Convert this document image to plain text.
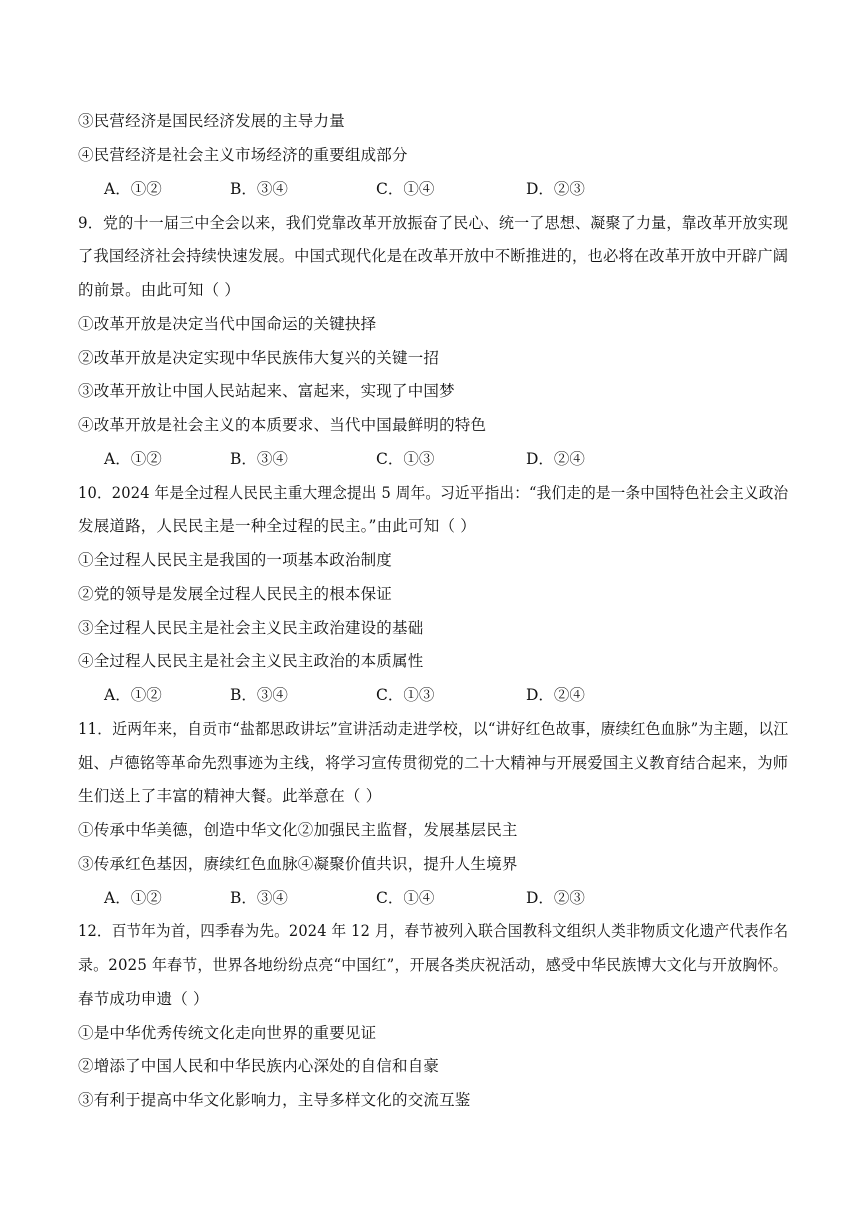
③民营经济是国民经济发展的主导力量
④民营经济是社会主义市场经济的重要组成部分
A．①②	B．③④	C．①④	D．②③
9．党的十一届三中全会以来，我们党靠改革开放振奋了民心、统一了思想、凝聚了力量，靠改革开放实现
了我国经济社会持续快速发展。中国式现代化是在改革开放中不断推进的，也必将在改革开放中开辟广阔
的前景。由此可知（ ）
①改革开放是决定当代中国命运的关键抉择
②改革开放是决定实现中华民族伟大复兴的关键一招
③改革开放让中国人民站起来、富起来，实现了中国梦
④改革开放是社会主义的本质要求、当代中国最鲜明的特色
A．①②	B．③④	C．①③	D．②④
10．2024 年是全过程人民民主重大理念提出 5 周年。习近平指出：“我们走的是一条中国特色社会主义政治
发展道路，人民民主是一种全过程的民主。”由此可知（ ）
①全过程人民民主是我国的一项基本政治制度
②党的领导是发展全过程人民民主的根本保证
③全过程人民民主是社会主义民主政治建设的基础
④全过程人民民主是社会主义民主政治的本质属性
A．①②	B．③④	C．①③	D．②④
11．近两年来，自贡市“盐都思政讲坛”宣讲活动走进学校，以“讲好红色故事，赓续红色血脉”为主题，以江
姐、卢德铭等革命先烈事迹为主线，将学习宣传贯彻党的二十大精神与开展爱国主义教育结合起来，为师
生们送上了丰富的精神大餐。此举意在（ ）
①传承中华美德，创造中华文化②加强民主监督，发展基层民主
③传承红色基因，赓续红色血脉④凝聚价值共识，提升人生境界
A．①②	B．③④	C．①④	D．②③
12．百节年为首，四季春为先。2024 年 12 月，春节被列入联合国教科文组织人类非物质文化遗产代表作名
录。2025 年春节，世界各地纷纷点亮“中国红”，开展各类庆祝活动，感受中华民族博大文化与开放胸怀。
春节成功申遗（ ）
①是中华优秀传统文化走向世界的重要见证
②增添了中国人民和中华民族内心深处的自信和自豪
③有利于提高中华文化影响力，主导多样文化的交流互鉴
